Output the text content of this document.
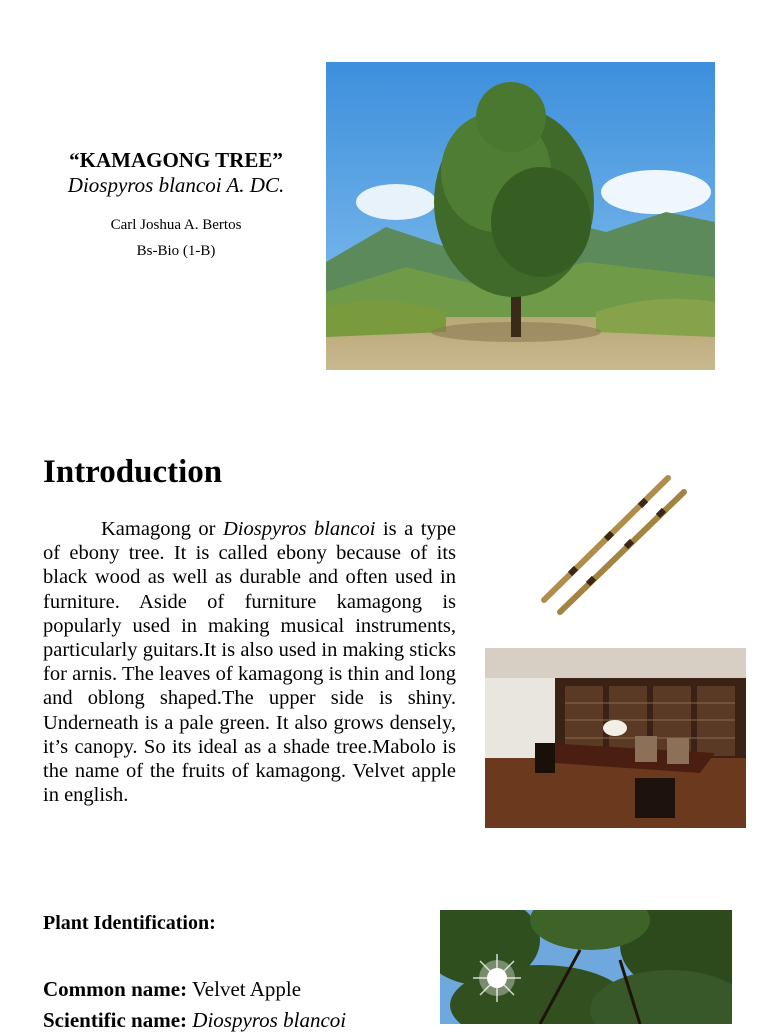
“KAMAGONG TREE”
Diospyros blancoi A. DC.
Carl Joshua A. Bertos
Bs-Bio (1-B)
Introduction

Kamagong or Diospyros blancoi is a type of ebony tree. It is called ebony because of its black wood as well as durable and often used in furniture. Aside of furniture kamagong is popularly used in making musical instruments, particularly guitars.It is also used in making sticks for arnis. The leaves of kamagong is thin and long and oblong shaped.The upper side is shiny. Underneath is a pale green. It also grows densely, it’s canopy. So its ideal as a shade tree.Mabolo is the name of the fruits of kamagong. Velvet apple in english.

Plant Identification:
Common name: Velvet Apple
Scientific name: Diospyros blancoi
